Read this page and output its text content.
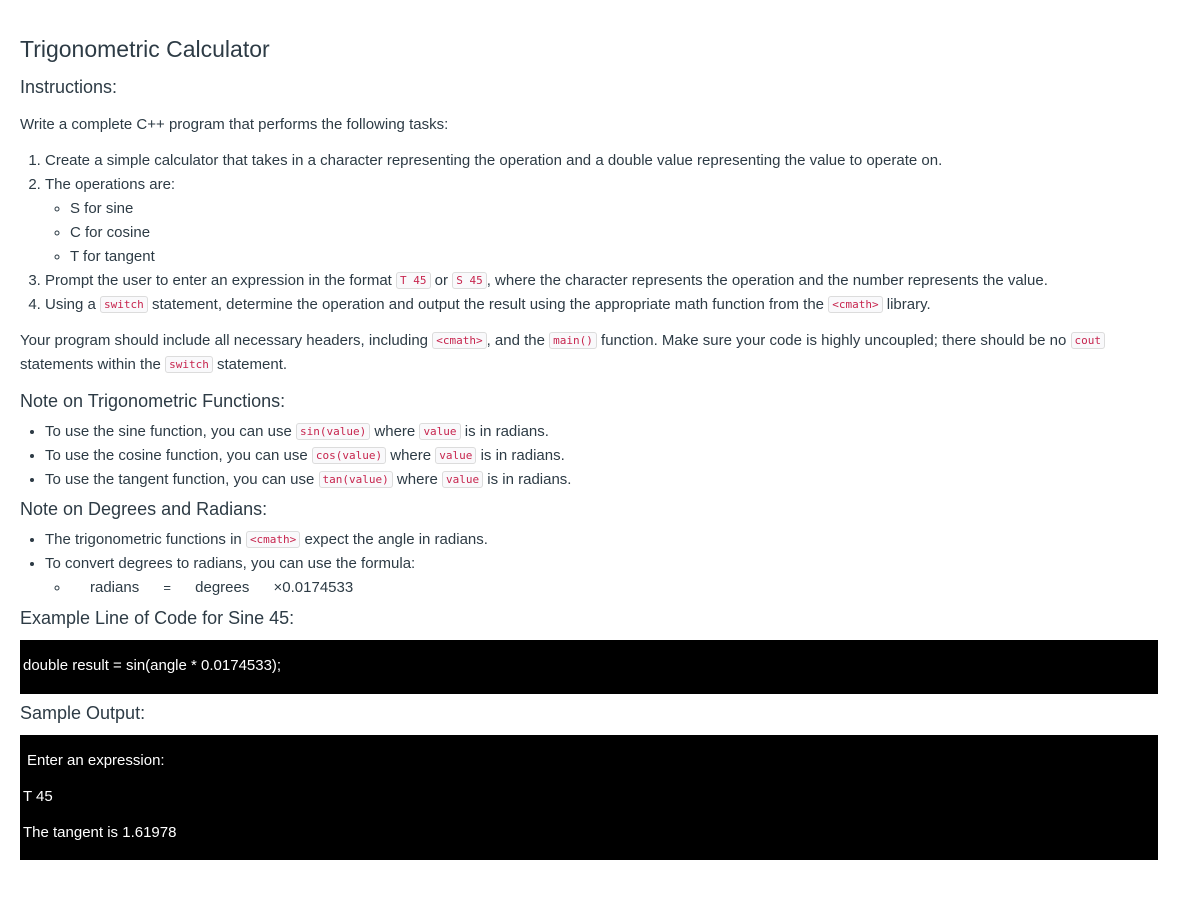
Trigonometric Calculator
Instructions:

Write a complete C++ program that performs the following tasks:

1. Create a simple calculator that takes in a character representing the operation and a double value representing the value to operate on.
2. The operations are:
◦ S for sine
◦ C for cosine
◦ T for tangent
3. Prompt the user to enter an expression in the format T 45 or S 45 , where the character represents the operation and the number represents the value.
4. Using a switch statement, determine the operation and output the result using the appropriate math function from the <cmath> library.

Your program should include all necessary headers, including <cmath> , and the main() function. Make sure your code is highly uncoupled; there should be no cout
statements within the switch statement.

Note on Trigonometric Functions:
• To use the sine function, you can use sin(value) where value is in radians.
• To use the cosine function, you can use cos(value) where value is in radians.
• To use the tangent function, you can use tan(value) where value is in radians.
Note on Degrees and Radians:
• The trigonometric functions in <cmath> expect the angle in radians.
• To convert degrees to radians, you can use the formula:
◦ radians = degrees ×0.0174533
Example Line of Code for Sine 45:
double result = sin(angle * 0.0174533);
Sample Output:
Enter an expression:
T 45
The tangent is 1.61978
